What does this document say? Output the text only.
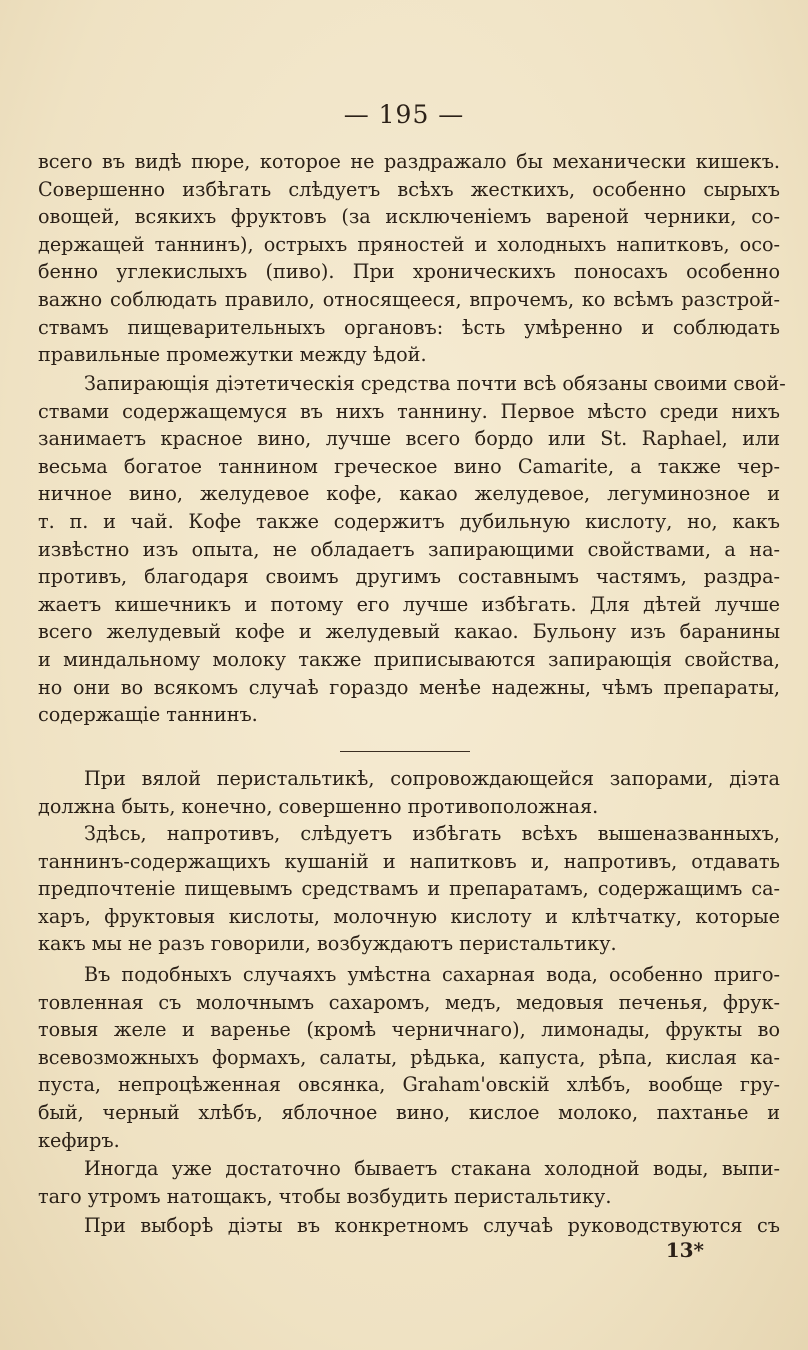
— 195 —

всего въ видѣ пюре, которое не раздражало бы механически кишекъ.
Совершенно избѣгать слѣдуетъ всѣхъ жесткихъ, особенно сырыхъ
овощей, всякихъ фруктовъ (за исключенiемъ вареной черники, со-
держащей таннинъ), острыхъ пряностей и холодныхъ напитковъ, осо-
бенно углекислыхъ (пиво). При хроническихъ поносахъ особенно
важно соблюдать правило, относящееся, впрочемъ, ко всѣмъ разстрой-
ствамъ пищеварительныхъ органовъ: ѣсть умѣренно и соблюдать
правильные промежутки между ѣдой.

Запирающiя дiэтетическiя средства почти всѣ обязаны своими свой-
ствами содержащемуся въ нихъ таннину. Первое мѣсто среди нихъ
занимаетъ красное вино, лучше всего бордо или St. Raphael, или
весьма богатое таннином греческое вино Camarite, а также чер-
ничное вино, желудевое кофе, какао желудевое, легуминозное и
т. п. и чай. Кофе также содержитъ дубильную кислоту, но, какъ
извѣстно изъ опыта, не обладаетъ запирающими свойствами, а на-
противъ, благодаря своимъ другимъ составнымъ частямъ, раздра-
жаетъ кишечникъ и потому его лучше избѣгать. Для дѣтей лучше
всего желудевый кофе и желудевый какао. Бульону изъ баранины
и миндальному молоку также приписываются запирающiя свойства,
но они во всякомъ случаѣ гораздо менѣе надежны, чѣмъ препараты,
содержащiе таннинъ.

При вялой перистальтикѣ, сопровождающейся запорами, дiэта
должна быть, конечно, совершенно противоположная.

Здѣсь, напротивъ, слѣдуетъ избѣгать всѣхъ вышеназванныхъ,
таннинъ-содержащихъ кушанiй и напитковъ и, напротивъ, отдавать
предпочтенiе пищевымъ средствамъ и препаратамъ, содержащимъ са-
харъ, фруктовыя кислоты, молочную кислоту и клѣтчатку, которые
какъ мы не разъ говорили, возбуждаютъ перистальтику.

Въ подобныхъ случаяхъ умѣстна сахарная вода, особенно приго-
товленная съ молочнымъ сахаромъ, медъ, медовыя печенья, фрук-
товыя желе и варенье (кромѣ черничнаго), лимонады, фрукты во
всевозможныхъ формахъ, салаты, рѣдька, капуста, рѣпа, кислая ка-
пуста, непроцѣженная овсянка, Graham'овскiй хлѣбъ, вообще гру-
бый, черный хлѣбъ, яблочное вино, кислое молоко, пахтанье и
кефиръ.

Иногда уже достаточно бываетъ стакана холодной воды, выпи-
таго утромъ натощакъ, чтобы возбудить перистальтику.

При выборѣ дiэты въ конкретномъ случаѣ руководствуются съ

13*
